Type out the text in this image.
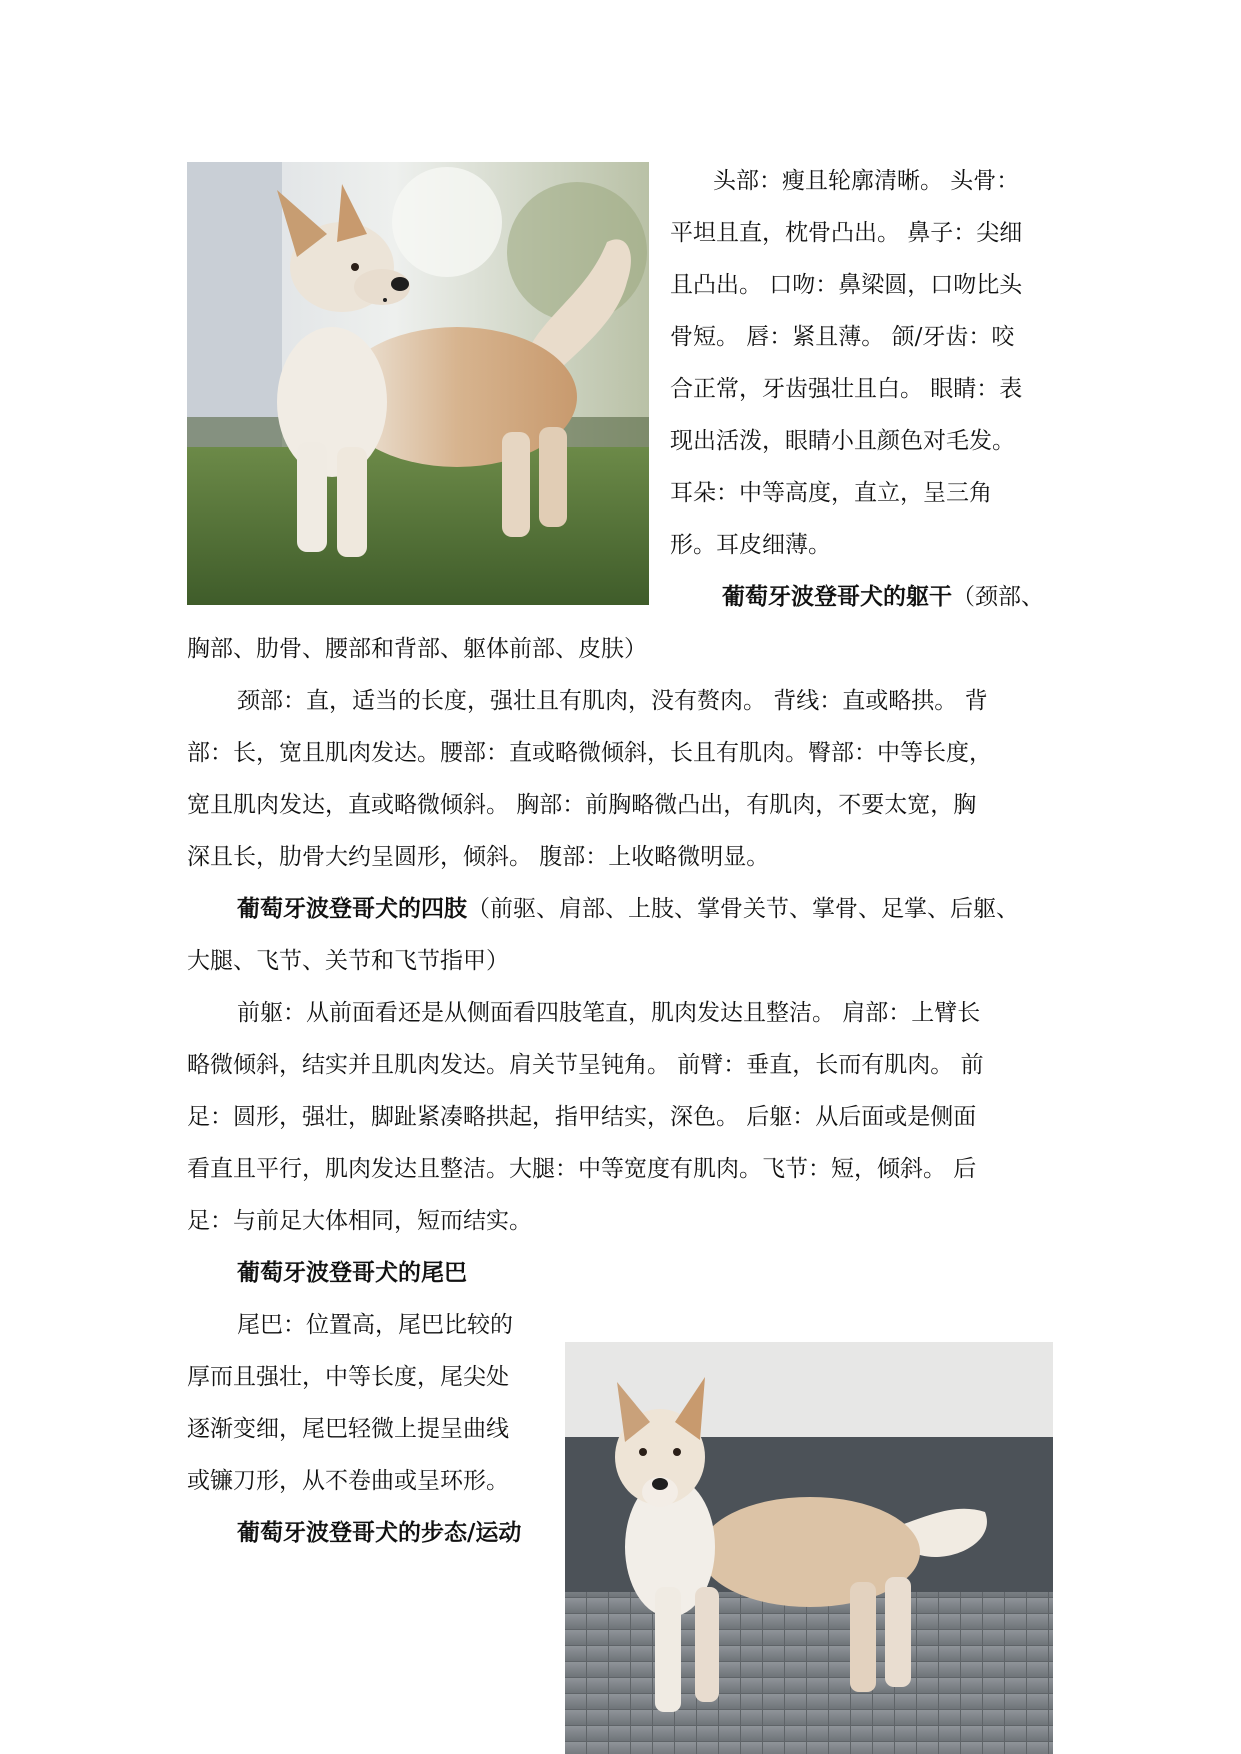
头部：瘦且轮廓清晰。 头骨：
平坦且直，枕骨凸出。 鼻子：尖细
且凸出。 口吻：鼻梁圆，口吻比头
骨短。 唇：紧且薄。 颌/牙齿：咬
合正常，牙齿强壮且白。 眼睛：表
现出活泼，眼睛小且颜色对毛发。
耳朵：中等高度，直立，呈三角
形。耳皮细薄。
葡萄牙波登哥犬的躯干（颈部、
胸部、肋骨、腰部和背部、躯体前部、皮肤）
颈部：直，适当的长度，强壮且有肌肉，没有赘肉。 背线：直或略拱。 背
部：长，宽且肌肉发达。腰部：直或略微倾斜，长且有肌肉。臀部：中等长度，
宽且肌肉发达，直或略微倾斜。 胸部：前胸略微凸出，有肌肉，不要太宽，胸
深且长，肋骨大约呈圆形，倾斜。 腹部：上收略微明显。
葡萄牙波登哥犬的四肢（前驱、肩部、上肢、掌骨关节、掌骨、足掌、后躯、
大腿、飞节、关节和飞节指甲）
前躯：从前面看还是从侧面看四肢笔直，肌肉发达且整洁。 肩部：上臂长
略微倾斜，结实并且肌肉发达。肩关节呈钝角。 前臂：垂直，长而有肌肉。 前
足：圆形，强壮，脚趾紧凑略拱起，指甲结实，深色。 后躯：从后面或是侧面
看直且平行，肌肉发达且整洁。大腿：中等宽度有肌肉。飞节：短，倾斜。 后
足：与前足大体相同，短而结实。
葡萄牙波登哥犬的尾巴
尾巴：位置高，尾巴比较的
厚而且强壮，中等长度，尾尖处
逐渐变细，尾巴轻微上提呈曲线
或镰刀形，从不卷曲或呈环形。
葡萄牙波登哥犬的步态/运动
